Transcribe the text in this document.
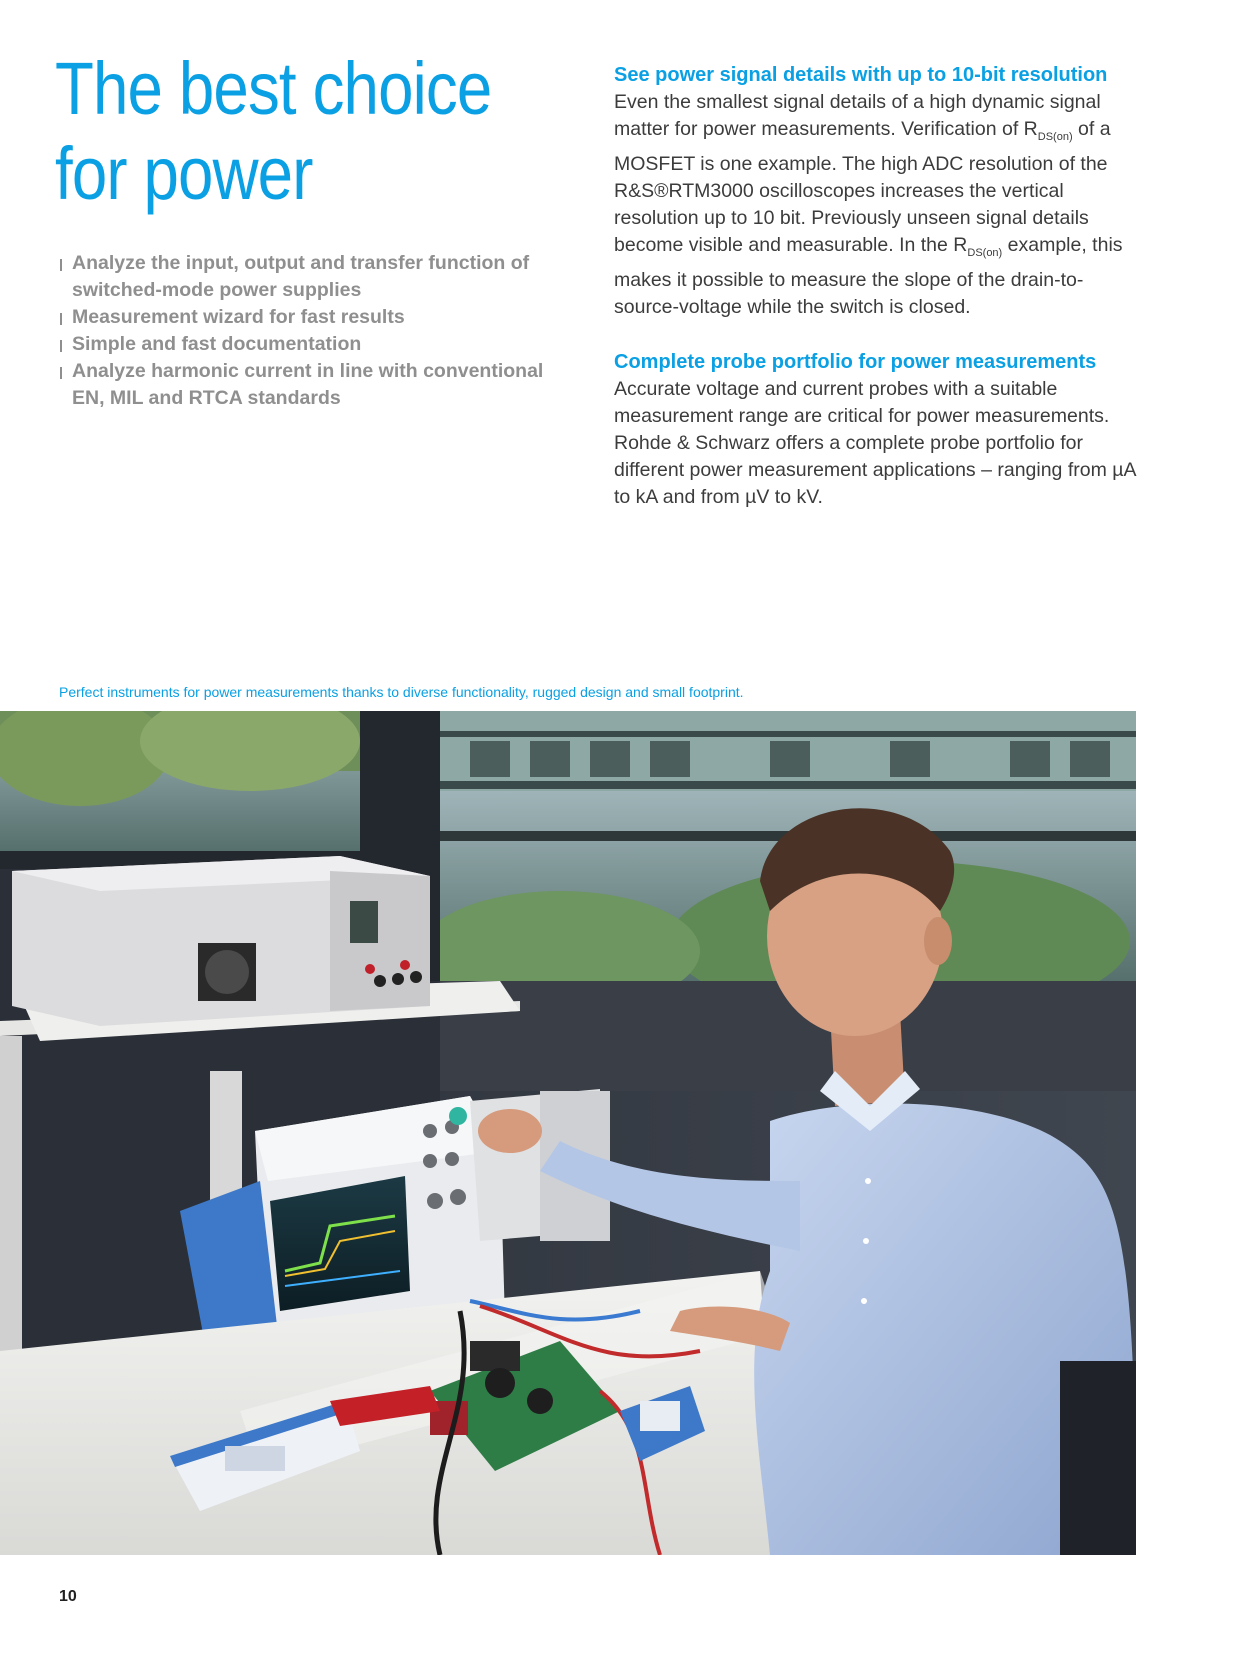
The best choice for power
Analyze the input, output and transfer function of switched-mode power supplies
Measurement wizard for fast results
Simple and fast documentation
Analyze harmonic current in line with conventional EN, MIL and RTCA standards
See power signal details with up to 10-bit resolution

Even the smallest signal details of a high dynamic signal matter for power measurements. Verification of $R_{DS(on)}$ of a MOSFET is one example. The high ADC resolution of the R&S®RTM3000 oscilloscopes increases the vertical resolution up to 10 bit. Previously unseen signal details become visible and measurable. In the $R_{DS(on)}$ example, this makes it possible to measure the slope of the drain-to-source-voltage while the switch is closed.

Complete probe portfolio for power measurements

Accurate voltage and current probes with a suitable measurement range are critical for power measurements. Rohde & Schwarz offers a complete probe portfolio for different power measurement applications – ranging from µA to kA and from µV to kV.

Perfect instruments for power measurements thanks to diverse functionality, rugged design and small footprint.
10
